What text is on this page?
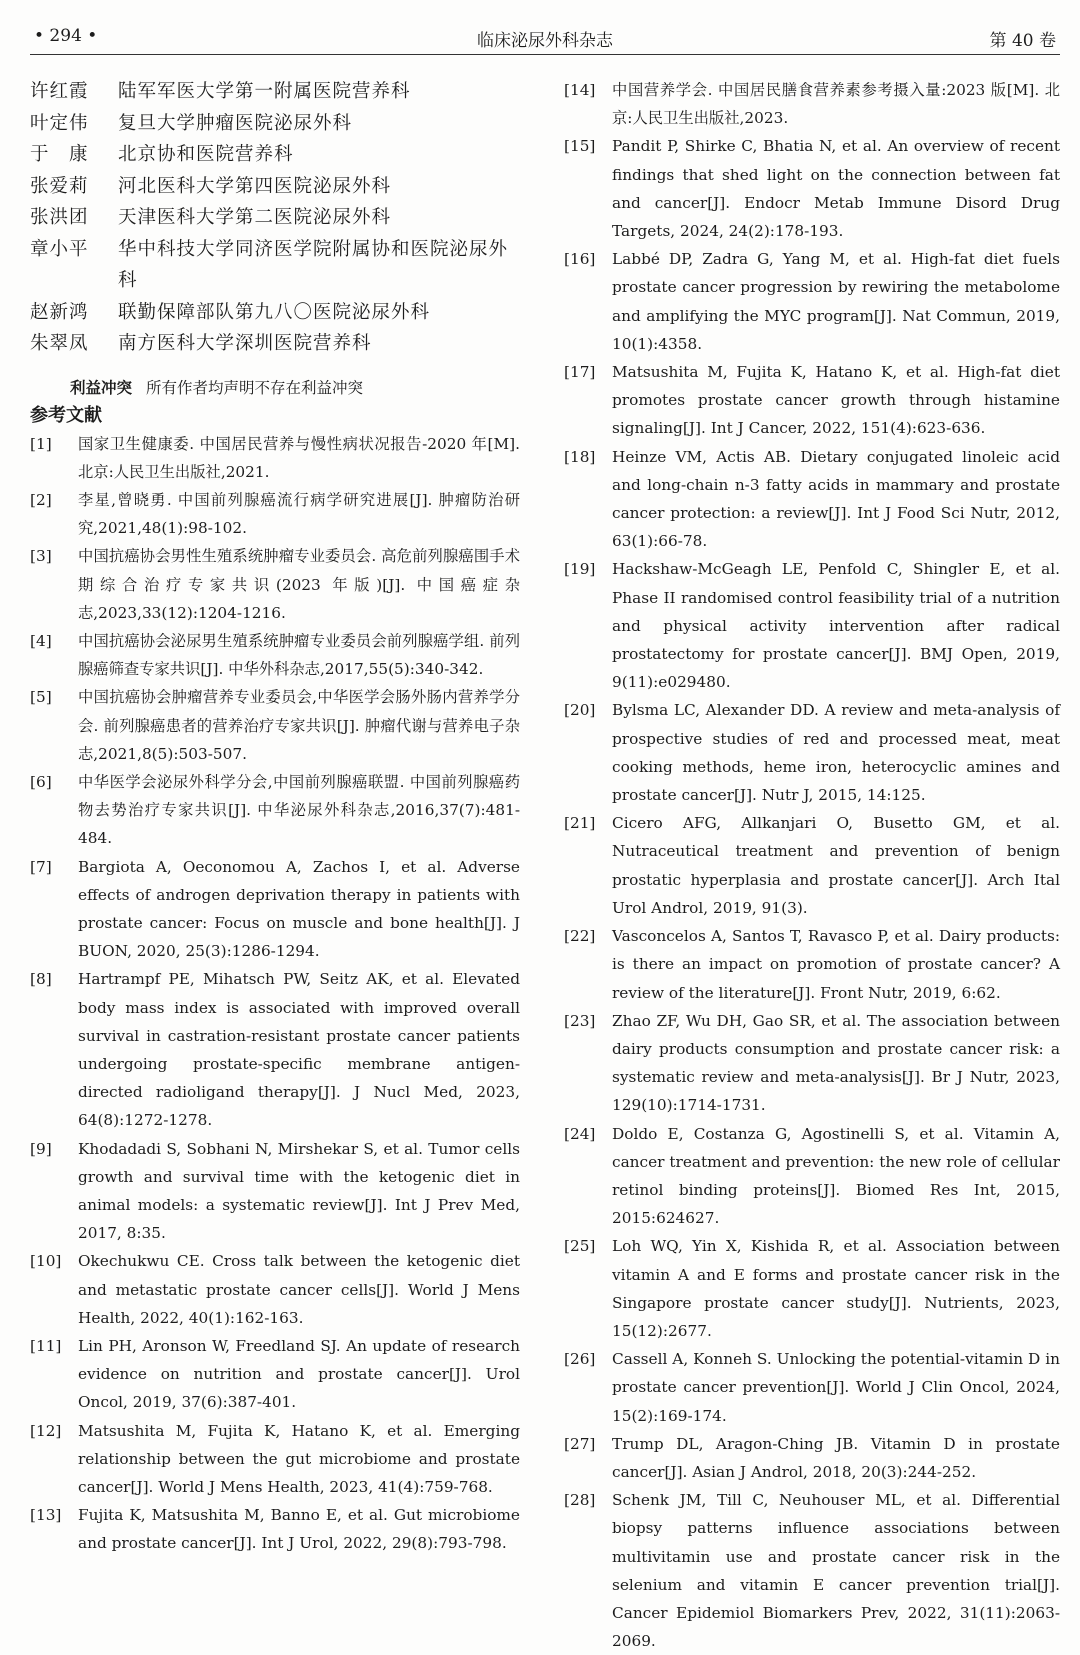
• 294 •	临床泌尿外科杂志	第 40 卷
许红霞	陆军军医大学第一附属医院营养科
叶定伟	复旦大学肿瘤医院泌尿外科
于　康	北京协和医院营养科
张爱莉	河北医科大学第四医院泌尿外科
张洪团	天津医科大学第二医院泌尿外科
章小平	华中科技大学同济医学院附属协和医院泌尿外科
赵新鸿	联勤保障部队第九八〇医院泌尿外科
朱翠凤	南方医科大学深圳医院营养科
利益冲突 所有作者均声明不存在利益冲突
参考文献
[1]	国家卫生健康委. 中国居民营养与慢性病状况报告-2020 年[M]. 北京:人民卫生出版社,2021.
[2]	李星,曾晓勇. 中国前列腺癌流行病学研究进展[J]. 肿瘤防治研究,2021,48(1):98-102.
[3]	中国抗癌协会男性生殖系统肿瘤专业委员会. 高危前列腺癌围手术期综合治疗专家共识(2023 年版)[J]. 中国癌症杂志,2023,33(12):1204-1216.
[4]	中国抗癌协会泌尿男生殖系统肿瘤专业委员会前列腺癌学组. 前列腺癌筛查专家共识[J]. 中华外科杂志,2017,55(5):340-342.
[5]	中国抗癌协会肿瘤营养专业委员会,中华医学会肠外肠内营养学分会. 前列腺癌患者的营养治疗专家共识[J]. 肿瘤代谢与营养电子杂志,2021,8(5):503-507.
[6]	中华医学会泌尿外科学分会,中国前列腺癌联盟. 中国前列腺癌药物去势治疗专家共识[J]. 中华泌尿外科杂志,2016,37(7):481-484.
[7]	Bargiota A, Oeconomou A, Zachos I, et al. Adverse effects of androgen deprivation therapy in patients with prostate cancer: Focus on muscle and bone health[J]. J BUON, 2020, 25(3):1286-1294.
[8]	Hartrampf PE, Mihatsch PW, Seitz AK, et al. Elevated body mass index is associated with improved overall survival in castration-resistant prostate cancer patients undergoing prostate-specific membrane antigen-directed radioligand therapy[J]. J Nucl Med, 2023, 64(8):1272-1278.
[9]	Khodadadi S, Sobhani N, Mirshekar S, et al. Tumor cells growth and survival time with the ketogenic diet in animal models: a systematic review[J]. Int J Prev Med, 2017, 8:35.
[10]	Okechukwu CE. Cross talk between the ketogenic diet and metastatic prostate cancer cells[J]. World J Mens Health, 2022, 40(1):162-163.
[11]	Lin PH, Aronson W, Freedland SJ. An update of research evidence on nutrition and prostate cancer[J]. Urol Oncol, 2019, 37(6):387-401.
[12]	Matsushita M, Fujita K, Hatano K, et al. Emerging relationship between the gut microbiome and prostate cancer[J]. World J Mens Health, 2023, 41(4):759-768.
[13]	Fujita K, Matsushita M, Banno E, et al. Gut microbiome and prostate cancer[J]. Int J Urol, 2022, 29(8):793-798.
[14]	中国营养学会. 中国居民膳食营养素参考摄入量:2023 版[M]. 北京:人民卫生出版社,2023.
[15]	Pandit P, Shirke C, Bhatia N, et al. An overview of recent findings that shed light on the connection between fat and cancer[J]. Endocr Metab Immune Disord Drug Targets, 2024, 24(2):178-193.
[16]	Labbé DP, Zadra G, Yang M, et al. High-fat diet fuels prostate cancer progression by rewiring the metabolome and amplifying the MYC program[J]. Nat Commun, 2019, 10(1):4358.
[17]	Matsushita M, Fujita K, Hatano K, et al. High-fat diet promotes prostate cancer growth through histamine signaling[J]. Int J Cancer, 2022, 151(4):623-636.
[18]	Heinze VM, Actis AB. Dietary conjugated linoleic acid and long-chain n-3 fatty acids in mammary and prostate cancer protection: a review[J]. Int J Food Sci Nutr, 2012, 63(1):66-78.
[19]	Hackshaw-McGeagh LE, Penfold C, Shingler E, et al. Phase II randomised control feasibility trial of a nutrition and physical activity intervention after radical prostatectomy for prostate cancer[J]. BMJ Open, 2019, 9(11):e029480.
[20]	Bylsma LC, Alexander DD. A review and meta-analysis of prospective studies of red and processed meat, meat cooking methods, heme iron, heterocyclic amines and prostate cancer[J]. Nutr J, 2015, 14:125.
[21]	Cicero AFG, Allkanjari O, Busetto GM, et al. Nutraceutical treatment and prevention of benign prostatic hyperplasia and prostate cancer[J]. Arch Ital Urol Androl, 2019, 91(3).
[22]	Vasconcelos A, Santos T, Ravasco P, et al. Dairy products: is there an impact on promotion of prostate cancer? A review of the literature[J]. Front Nutr, 2019, 6:62.
[23]	Zhao ZF, Wu DH, Gao SR, et al. The association between dairy products consumption and prostate cancer risk: a systematic review and meta-analysis[J]. Br J Nutr, 2023, 129(10):1714-1731.
[24]	Doldo E, Costanza G, Agostinelli S, et al. Vitamin A, cancer treatment and prevention: the new role of cellular retinol binding proteins[J]. Biomed Res Int, 2015, 2015:624627.
[25]	Loh WQ, Yin X, Kishida R, et al. Association between vitamin A and E forms and prostate cancer risk in the Singapore prostate cancer study[J]. Nutrients, 2023, 15(12):2677.
[26]	Cassell A, Konneh S. Unlocking the potential-vitamin D in prostate cancer prevention[J]. World J Clin Oncol, 2024, 15(2):169-174.
[27]	Trump DL, Aragon-Ching JB. Vitamin D in prostate cancer[J]. Asian J Androl, 2018, 20(3):244-252.
[28]	Schenk JM, Till C, Neuhouser ML, et al. Differential biopsy patterns influence associations between multivitamin use and prostate cancer risk in the selenium and vitamin E cancer prevention trial[J]. Cancer Epidemiol Biomarkers Prev, 2022, 31(11):2063-2069.
